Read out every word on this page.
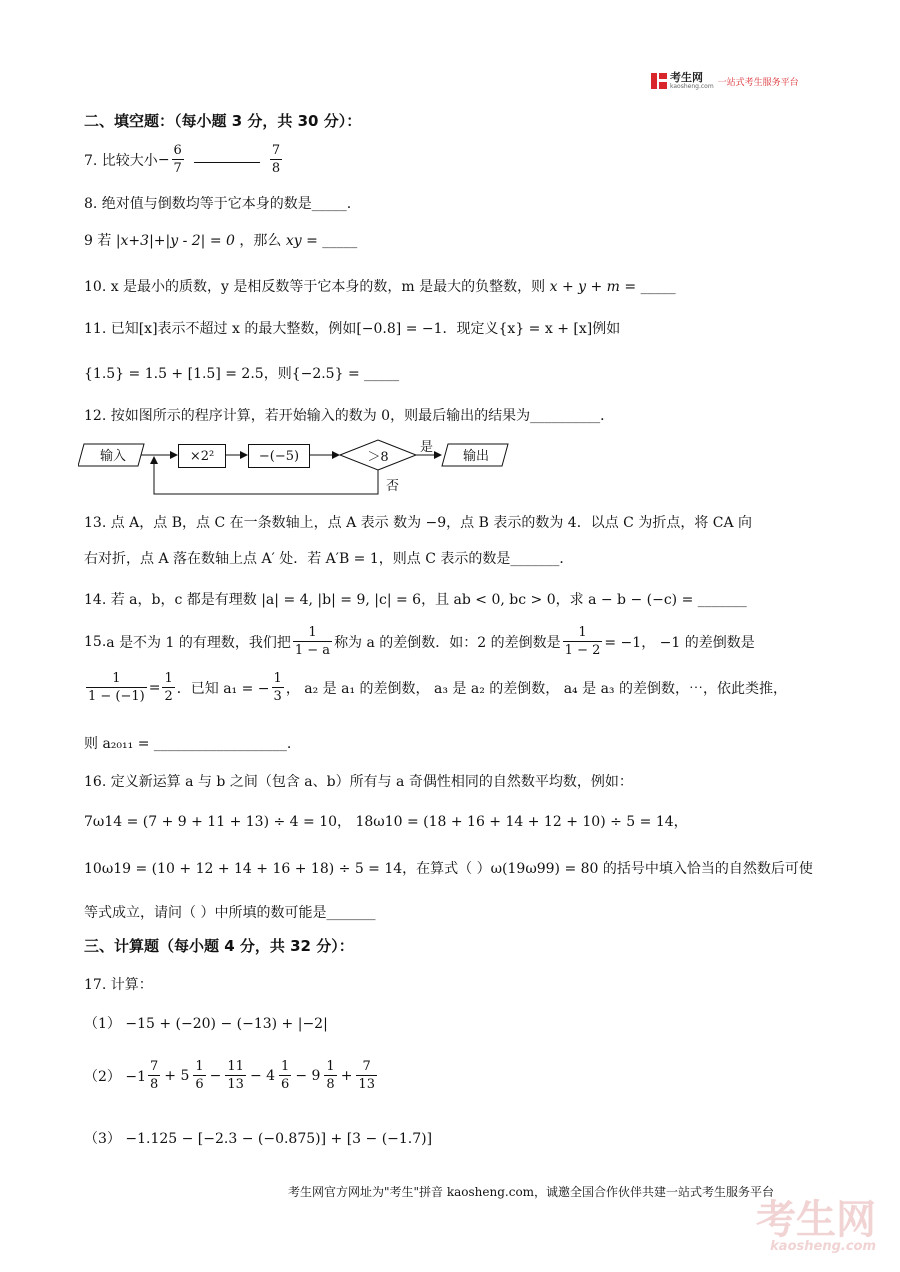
考生网
kaosheng.com 一站式考生服务平台
二、填空题：（每小题 3 分，共 30 分）：
7. 比较大小 − $\frac{6}{7}$	$\frac{7}{8}$
8. 绝对值与倒数均等于它本身的数是_____.
9 若 |x+3|+|y - 2| = 0 ，那么 xy = _____
10. x 是最小的质数，y 是相反数等于它本身的数，m 是最大的负整数，则 x + y + m = _____
11. 已知[x]表示不超过 x 的最大整数，例如[−0.8] = −1．现定义{x} = x + [x]例如
{1.5} = 1.5 + [1.5] = 2.5，则{−2.5} = _____
12. 按如图所示的程序计算，若开始输入的数为 0，则最后输出的结果为__________．
输入	×2²	−(−5)	＞8
是
否
输出
13. 点 A，点 B，点 C 在一条数轴上，点 A 表示 数为 −9，点 B 表示的数为 4．以点 C 为折点，将 CA 向
右对折，点 A 落在数轴上点 A′ 处．若 A′B = 1，则点 C 表示的数是_______．
14. 若 a，b，c 都是有理数 |a| = 4, |b| = 9, |c| = 6，且 ab < 0, bc > 0，求 a − b − (−c) = _______
15. a 是不为 1 的有理数，我们把 $\frac{1}{1 - a}$ 称为 a 的差倒数．如：2 的差倒数是 $\frac{1}{1 - 2} = -1$， −1 的差倒数是
$\frac{1}{1 - (-1)} = \frac{1}{2}$ ．已知 a₁ = − $\frac{1}{3}$ ， a₂ 是 a₁ 的差倒数， a₃ 是 a₂ 的差倒数， a₄ 是 a₃ 的差倒数，⋯，依此类推，
则 a₂₀₁₁ = ___________________.
16. 定义新运算 a 与 b 之间（包含 a、b）所有与 a 奇偶性相同的自然数平均数，例如：
7ω14 = (7 + 9 + 11 + 13) ÷ 4 = 10， 18ω10 = (18 + 16 + 14 + 12 + 10) ÷ 5 = 14，
10ω19 = (10 + 12 + 14 + 16 + 18) ÷ 5 = 14，在算式（ ）ω(19ω99) = 80 的括号中填入恰当的自然数后可使
等式成立，请问（ ）中所填的数可能是_______
三、计算题（每小题 4 分，共 32 分）：
17. 计算：
（1） −15 + (−20) − (−13) + |−2|
$(2) -1 \frac{7}{8} + 5 \frac{1}{6} - \frac{11}{13} - 4 \frac{1}{6} - 9 \frac{1}{8} + \frac{7}{13}$
（3） −1.125 − [−2.3 − (−0.875)] + [3 − (−1.7)]
考生网官方网址为"考生"拼音 kaosheng.com，诚邀全国合作伙伴共建一站式考生服务平台
考生网
kaosheng.com
